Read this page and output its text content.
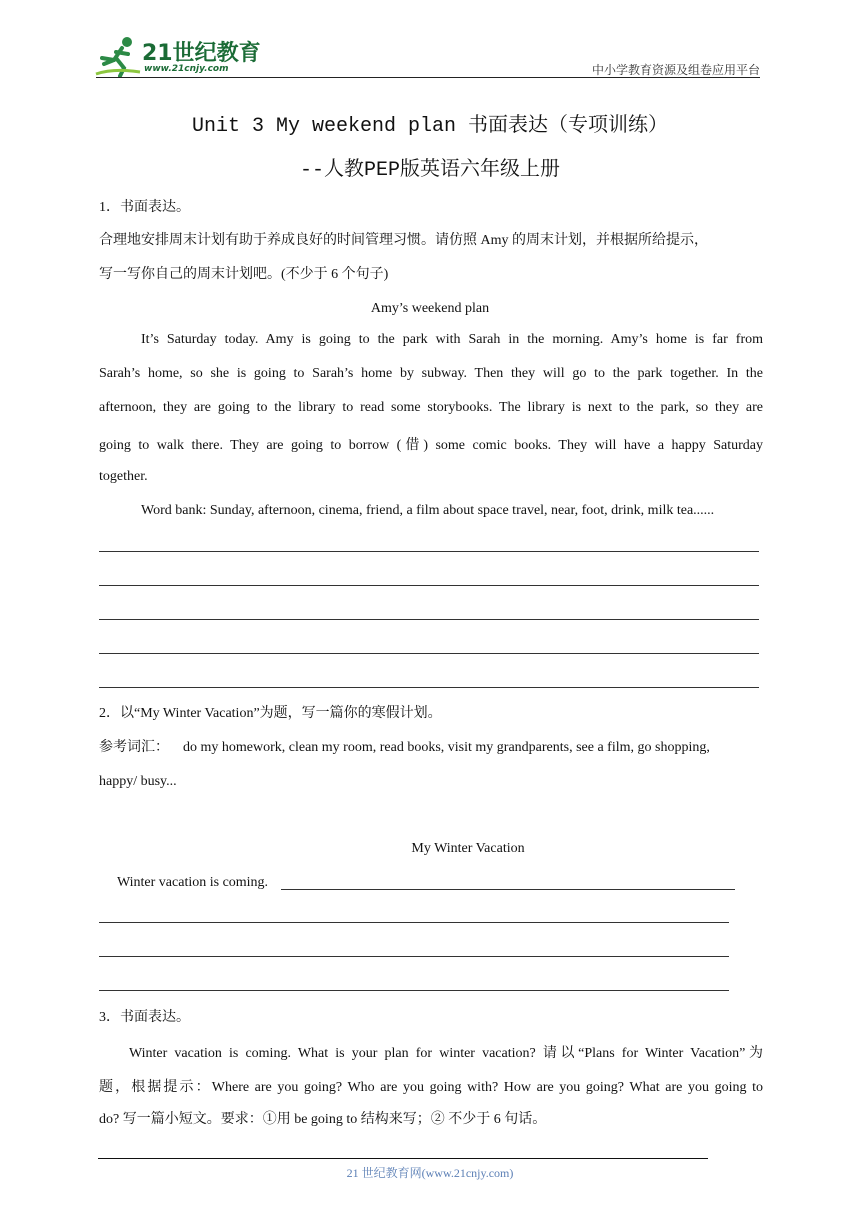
21世纪教育
www.21cnjy.com	中小学教育资源及组卷应用平台
Unit 3 My weekend plan 书面表达（专项训练）
--人教PEP版英语六年级上册
1．书面表达。
合理地安排周末计划有助于养成良好的时间管理习惯。请仿照 Amy 的周末计划，并根据所给提示，
写一写你自己的周末计划吧。(不少于 6 个句子)
Amy’s weekend plan
It’s Saturday today. Amy is going to the park with Sarah in the morning. Amy’s home is far from
Sarah’s home, so she is going to Sarah’s home by subway. Then they will go to the park together. In the
afternoon, they are going to the library to read some storybooks. The library is next to the park, so they are
going to walk there. They are going to borrow (借) some comic books. They will have a happy Saturday
together.
Word bank: Sunday, afternoon, cinema, friend, a film about space travel, near, foot, drink, milk tea......
2．以“My Winter Vacation”为题，写一篇你的寒假计划。
参考词汇： do my homework, clean my room, read books, visit my grandparents, see a film, go shopping,
happy/ busy...
My Winter Vacation
Winter vacation is coming.
3．书面表达。
Winter vacation is coming. What is your plan for winter vacation? 请以“Plans for Winter Vacation”为
题，根据提示：Where are you going? Who are you going with? How are you going? What are you going to
do? 写一篇小短文。要求：①用 be going to 结构来写；② 不少于 6 句话。
21 世纪教育网(www.21cnjy.com)
